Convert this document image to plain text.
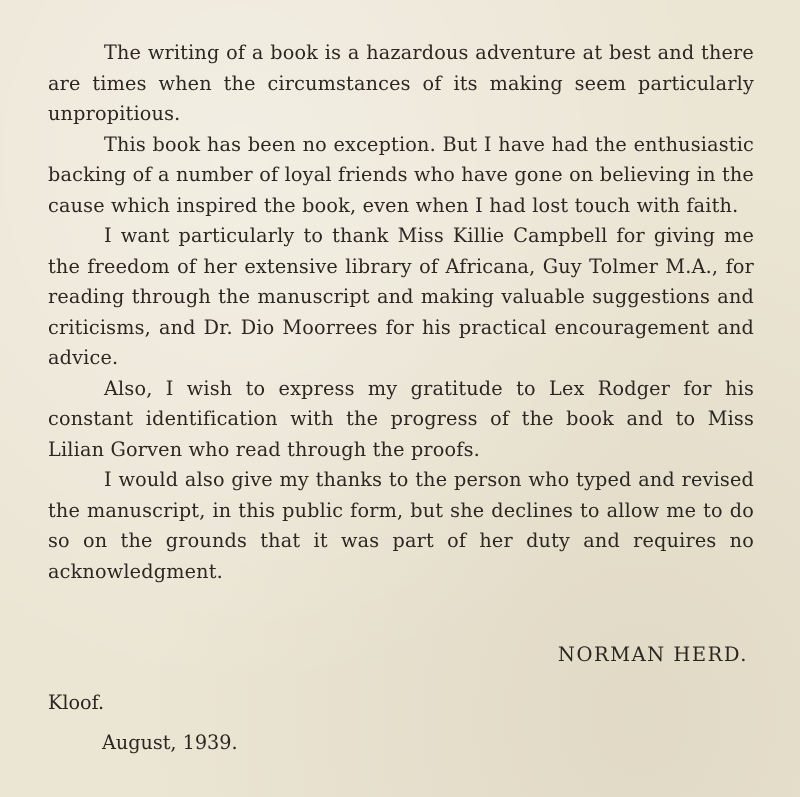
The writing of a book is a hazardous adventure at best and there are times when the circumstances of its making seem particularly unpropitious.

This book has been no exception. But I have had the enthusiastic backing of a number of loyal friends who have gone on believing in the cause which inspired the book, even when I had lost touch with faith.

I want particularly to thank Miss Killie Campbell for giving me the freedom of her extensive library of Africana, Guy Tolmer M.A., for reading through the manuscript and making valuable suggestions and criticisms, and Dr. Dio Moorrees for his practical encouragement and advice.

Also, I wish to express my gratitude to Lex Rodger for his constant identification with the progress of the book and to Miss Lilian Gorven who read through the proofs.

I would also give my thanks to the person who typed and revised the manuscript, in this public form, but she declines to allow me to do so on the grounds that it was part of her duty and requires no acknowledgment.

NORMAN HERD.
Kloof.
August, 1939.
